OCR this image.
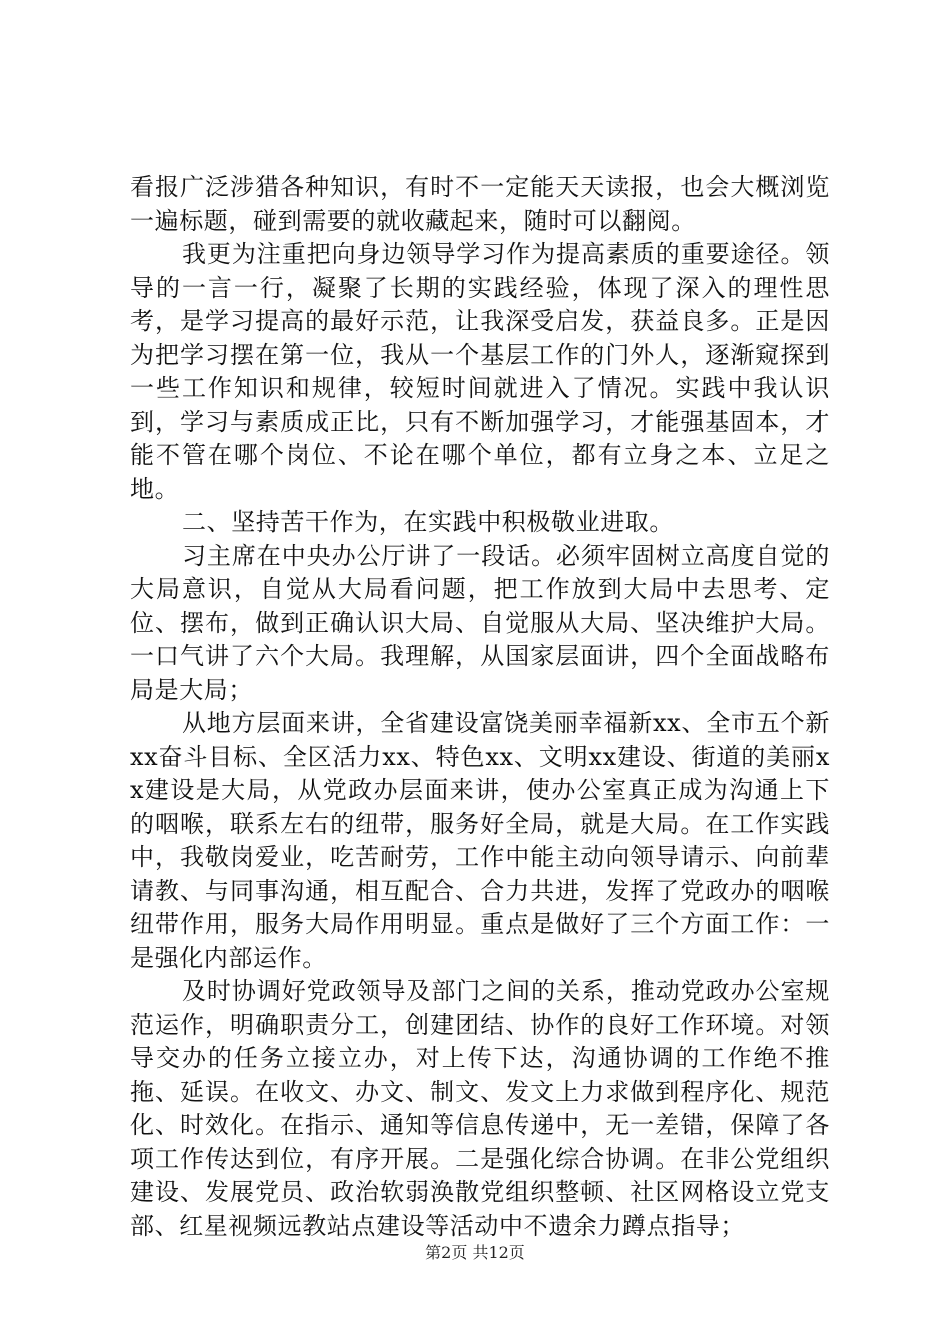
看报广泛涉猎各种知识，有时不一定能天天读报，也会大概浏览一遍标题，碰到需要的就收藏起来，随时可以翻阅。

我更为注重把向身边领导学习作为提高素质的重要途径。领导的一言一行，凝聚了长期的实践经验，体现了深入的理性思考，是学习提高的最好示范，让我深受启发，获益良多。正是因为把学习摆在第一位，我从一个基层工作的门外人，逐渐窥探到一些工作知识和规律，较短时间就进入了情况。实践中我认识到，学习与素质成正比，只有不断加强学习，才能强基固本，才能不管在哪个岗位、不论在哪个单位，都有立身之本、立足之地。

二、坚持苦干作为，在实践中积极敬业进取。

习主席在中央办公厅讲了一段话。必须牢固树立高度自觉的大局意识，自觉从大局看问题，把工作放到大局中去思考、定位、摆布，做到正确认识大局、自觉服从大局、坚决维护大局。一口气讲了六个大局。我理解，从国家层面讲，四个全面战略布局是大局；

从地方层面来讲，全省建设富饶美丽幸福新xx、全市五个新xx奋斗目标、全区活力xx、特色xx、文明xx建设、街道的美丽xx建设是大局，从党政办层面来讲，使办公室真正成为沟通上下的咽喉，联系左右的纽带，服务好全局，就是大局。在工作实践中，我敬岗爱业，吃苦耐劳，工作中能主动向领导请示、向前辈请教、与同事沟通，相互配合、合力共进，发挥了党政办的咽喉纽带作用，服务大局作用明显。重点是做好了三个方面工作：一是强化内部运作。

及时协调好党政领导及部门之间的关系，推动党政办公室规范运作，明确职责分工，创建团结、协作的良好工作环境。对领导交办的任务立接立办，对上传下达，沟通协调的工作绝不推拖、延误。在收文、办文、制文、发文上力求做到程序化、规范化、时效化。在指示、通知等信息传递中，无一差错，保障了各项工作传达到位，有序开展。二是强化综合协调。在非公党组织建设、发展党员、政治软弱涣散党组织整顿、社区网格设立党支部、红星视频远教站点建设等活动中不遗余力蹲点指导；

第2页 共12页
